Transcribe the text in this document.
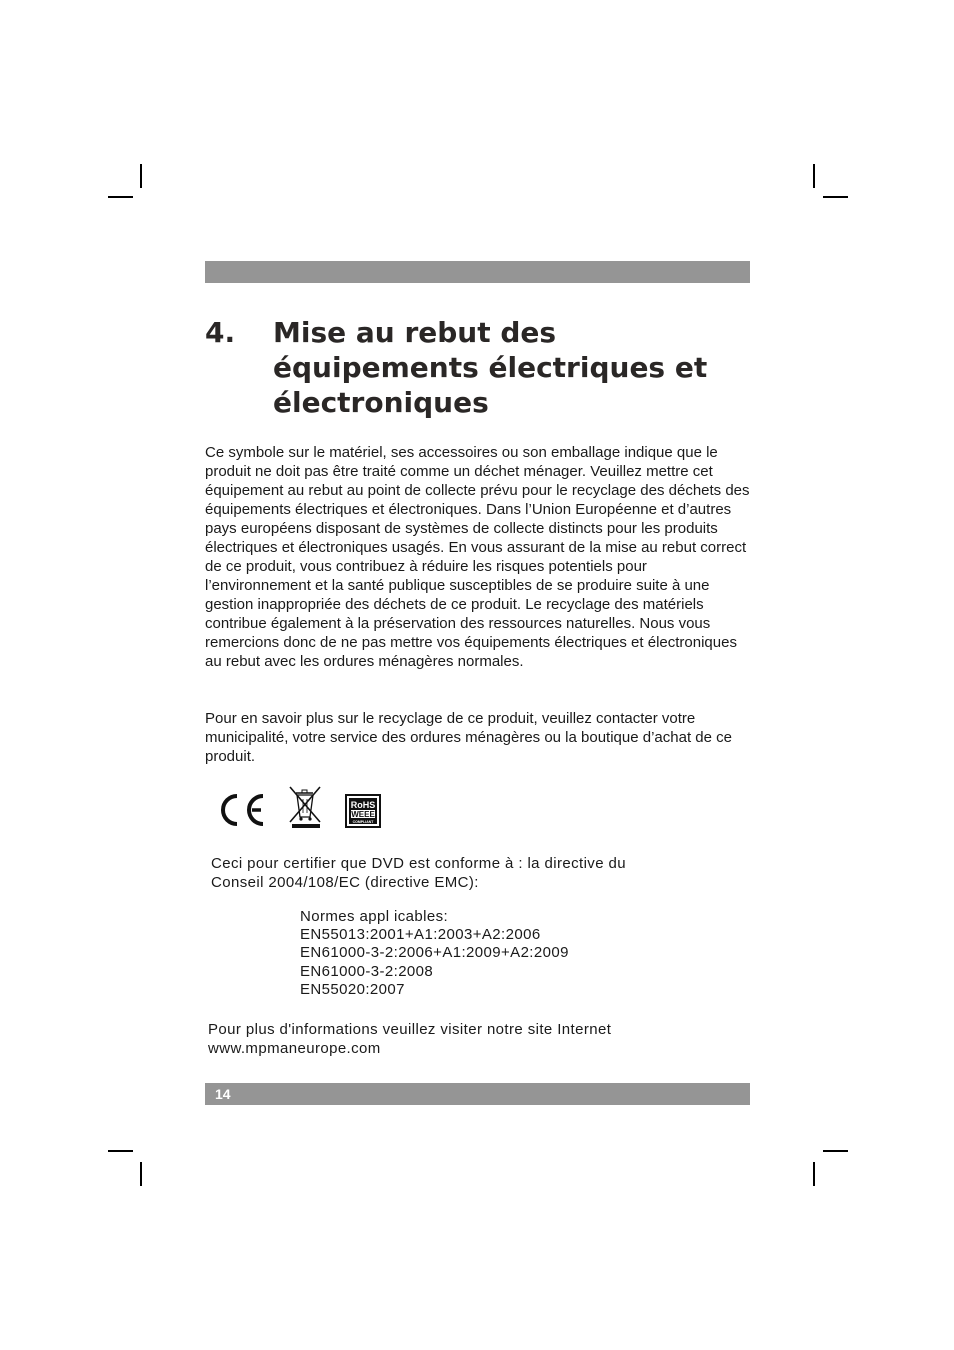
4. Mise au rebut des équipements électriques et électroniques

Ce symbole sur le matériel, ses accessoires ou son emballage indique que le produit ne doit pas être traité comme un déchet ménager. Veuillez mettre cet équipement au rebut au point de collecte prévu pour le recyclage des déchets des équipements électriques et électroniques. Dans l’Union Européenne et d’autres pays européens disposant de systèmes de collecte distincts pour les produits électriques et électroniques usagés. En vous assurant de la mise au rebut correct de ce produit, vous contribuez à réduire les risques potentiels pour l’environnement et la santé publique susceptibles de se produire suite à une gestion inappropriée des déchets de ce produit. Le recyclage des matériels contribue également à la préservation des ressources naturelles. Nous vous remercions donc de ne pas mettre vos équipements électriques et électroniques au rebut avec les ordures ménagères normales.

Pour en savoir plus sur le recyclage de ce produit, veuillez contacter votre municipalité, votre service des ordures ménagères ou la boutique d’achat de ce produit.

RoHS
WEEE
COMPLIANT

Ceci pour certifier que DVD est conforme à : la directive du

Conseil 2004/108/EC (directive EMC):

Normes appl icables:

EN55013:2001+A1:2003+A2:2006

EN61000-3-2:2006+A1:2009+A2:2009

EN61000-3-2:2008

EN55020:2007

Pour plus d'informations veuillez visiter notre site Internet

www.mpmaneurope.com

14
